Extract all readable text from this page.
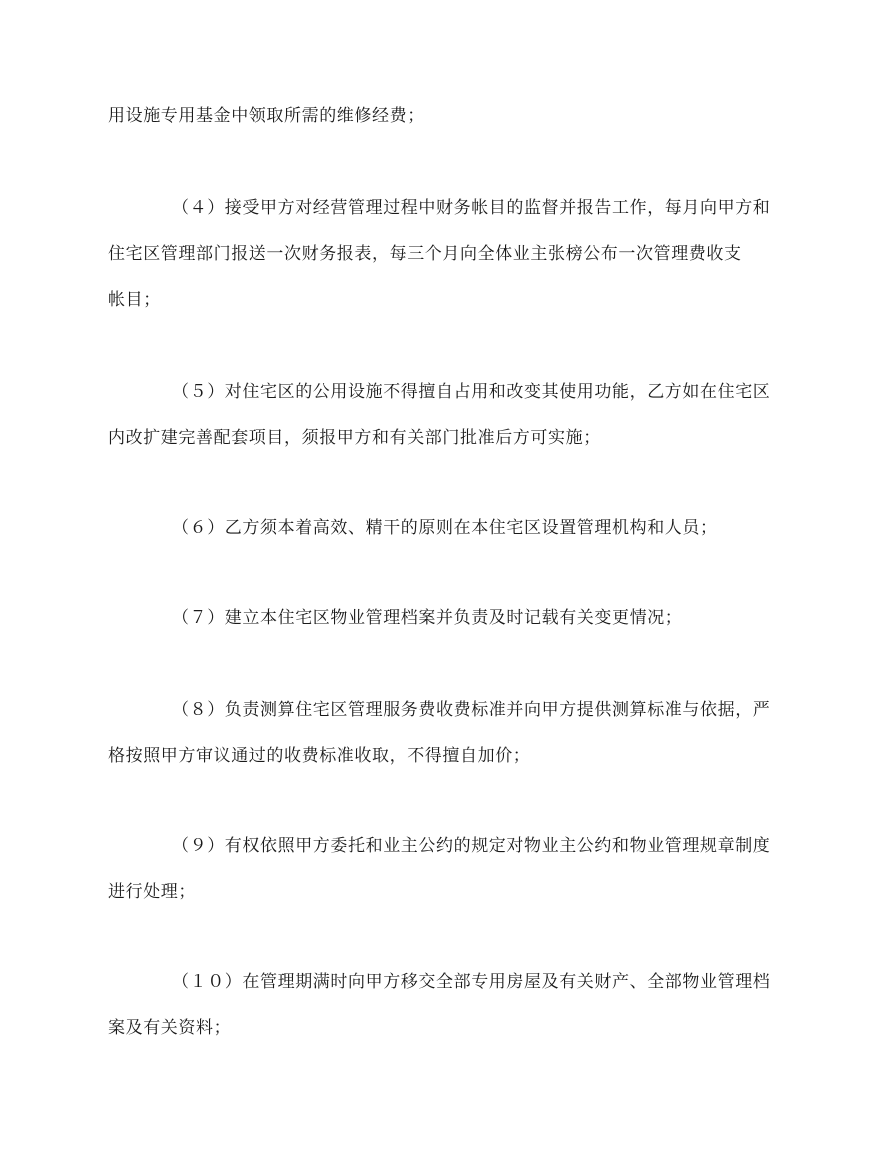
用设施专用基金中领取所需的维修经费；
（４）接受甲方对经营管理过程中财务帐目的监督并报告工作，每月向甲方和
住宅区管理部门报送一次财务报表，每三个月向全体业主张榜公布一次管理费收支
帐目；
（５）对住宅区的公用设施不得擅自占用和改变其使用功能，乙方如在住宅区
内改扩建完善配套项目，须报甲方和有关部门批准后方可实施；
（６）乙方须本着高效、精干的原则在本住宅区设置管理机构和人员；
（７）建立本住宅区物业管理档案并负责及时记载有关变更情况；
（８）负责测算住宅区管理服务费收费标准并向甲方提供测算标准与依据，严
格按照甲方审议通过的收费标准收取，不得擅自加价；
（９）有权依照甲方委托和业主公约的规定对物业主公约和物业管理规章制度
进行处理；
（１０）在管理期满时向甲方移交全部专用房屋及有关财产、全部物业管理档
案及有关资料；
